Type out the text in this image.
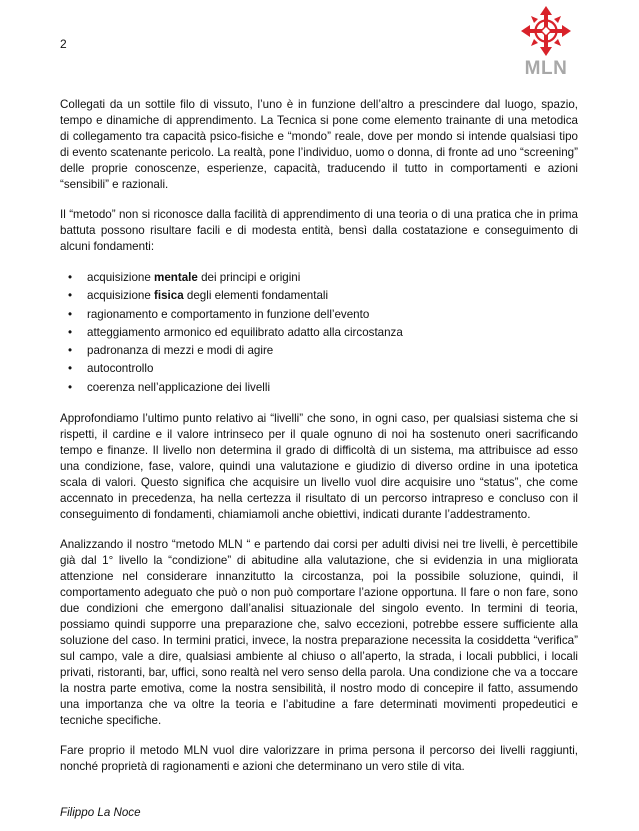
2
MLN

Collegati da un sottile filo di vissuto, l’uno è in funzione dell’altro a prescindere dal luogo, spazio, tempo e dinamiche di apprendimento. La Tecnica si pone come elemento trainante di una metodica di collegamento tra capacità psico-fisiche e “mondo” reale, dove per mondo si intende qualsiasi tipo di evento scatenante pericolo. La realtà, pone l’individuo, uomo o donna, di fronte ad uno “screening” delle proprie conoscenze, esperienze, capacità, traducendo il tutto in comportamenti e azioni “sensibili” e razionali.

Il “metodo” non si riconosce dalla facilità di apprendimento di una teoria o di una pratica che in prima battuta possono risultare facili e di modesta entità, bensì dalla costatazione e conseguimento di alcuni fondamenti:

• acquisizione mentale dei principi e origini
• acquisizione fisica degli elementi fondamentali
• ragionamento e comportamento in funzione dell’evento
• atteggiamento armonico ed equilibrato adatto alla circostanza
• padronanza di mezzi e modi di agire
• autocontrollo
• coerenza nell’applicazione dei livelli

Approfondiamo l’ultimo punto relativo ai “livelli” che sono, in ogni caso, per qualsiasi sistema che si rispetti, il cardine e il valore intrinseco per il quale ognuno di noi ha sostenuto oneri sacrificando tempo e finanze. Il livello non determina il grado di difficoltà di un sistema, ma attribuisce ad esso una condizione, fase, valore, quindi una valutazione e giudizio di diverso ordine in una ipotetica scala di valori. Questo significa che acquisire un livello vuol dire acquisire uno “status”, che come accennato in precedenza, ha nella certezza il risultato di un percorso intrapreso e concluso con il conseguimento di fondamenti, chiamiamoli anche obiettivi, indicati durante l’addestramento.

Analizzando il nostro “metodo MLN “ e partendo dai corsi per adulti divisi nei tre livelli, è percettibile già dal 1° livello la “condizione” di abitudine alla valutazione, che si evidenzia in una migliorata attenzione nel considerare innanzitutto la circostanza, poi la possibile soluzione, quindi, il comportamento adeguato che può o non può comportare l’azione opportuna. Il fare o non fare, sono due condizioni che emergono dall’analisi situazionale del singolo evento. In termini di teoria, possiamo quindi supporre una preparazione che, salvo eccezioni, potrebbe essere sufficiente alla soluzione del caso. In termini pratici, invece, la nostra preparazione necessita la cosiddetta “verifica” sul campo, vale a dire, qualsiasi ambiente al chiuso o all’aperto, la strada, i locali pubblici, i locali privati, ristoranti, bar, uffici, sono realtà nel vero senso della parola. Una condizione che va a toccare la nostra parte emotiva, come la nostra sensibilità, il nostro modo di concepire il fatto, assumendo una importanza che va oltre la teoria e l’abitudine a fare determinati movimenti propedeutici e tecniche specifiche.

Fare proprio il metodo MLN vuol dire valorizzare in prima persona il percorso dei livelli raggiunti, nonché proprietà di ragionamenti e azioni che determinano un vero stile di vita.

Filippo La Noce
